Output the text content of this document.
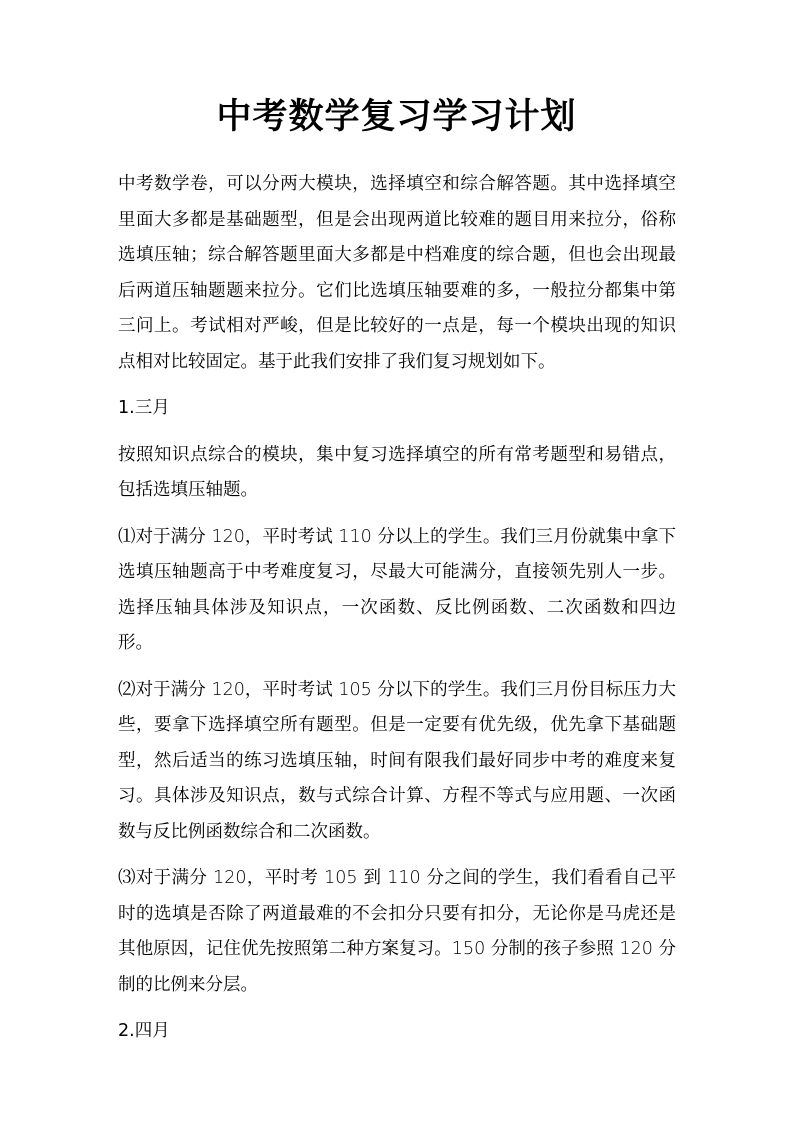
中考数学复习学习计划

中考数学卷，可以分两大模块，选择填空和综合解答题。其中选择填空里面大多都是基础题型，但是会出现两道比较难的题目用来拉分，俗称选填压轴；综合解答题里面大多都是中档难度的综合题，但也会出现最后两道压轴题题来拉分。它们比选填压轴要难的多，一般拉分都集中第三问上。考试相对严峻，但是比较好的一点是，每一个模块出现的知识点相对比较固定。基于此我们安排了我们复习规划如下。

1.三月

按照知识点综合的模块，集中复习选择填空的所有常考题型和易错点，包括选填压轴题。

⑴对于满分 120，平时考试 110 分以上的学生。我们三月份就集中拿下选填压轴题高于中考难度复习，尽最大可能满分，直接领先别人一步。选择压轴具体涉及知识点，一次函数、反比例函数、二次函数和四边形。

⑵对于满分 120，平时考试 105 分以下的学生。我们三月份目标压力大些，要拿下选择填空所有题型。但是一定要有优先级，优先拿下基础题型，然后适当的练习选填压轴，时间有限我们最好同步中考的难度来复习。具体涉及知识点，数与式综合计算、方程不等式与应用题、一次函数与反比例函数综合和二次函数。

⑶对于满分 120，平时考 105 到 110 分之间的学生，我们看看自己平时的选填是否除了两道最难的不会扣分只要有扣分，无论你是马虎还是其他原因，记住优先按照第二种方案复习。150 分制的孩子参照 120 分制的比例来分层。

2.四月
